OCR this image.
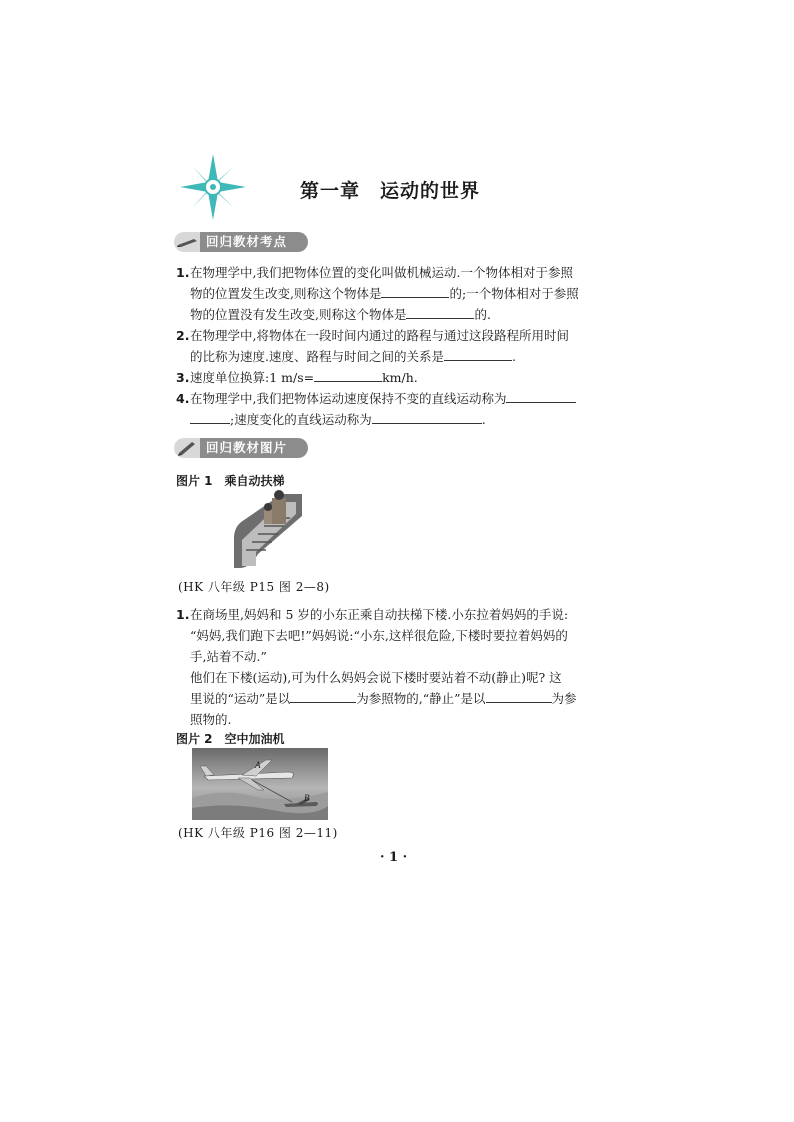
第一章　运动的世界
回归教材考点
1. 在物理学中,我们把物体位置的变化叫做机械运动.一个物体相对于参照
物的位置发生改变,则称这个物体是	的;一个物体相对于参照
物的位置没有发生改变,则称这个物体是	的.
2. 在物理学中,将物体在一段时间内通过的路程与通过这段路程所用时间
的比称为速度.速度、路程与时间之间的关系是	.
3. 速度单位换算:1 m/s=	km/h.
4. 在物理学中,我们把物体运动速度保持不变的直线运动称为
;速度变化的直线运动称为	.
回归教材图片
图片 1 乘自动扶梯
(HK 八年级 P15 图 2—8)
1. 在商场里,妈妈和 5 岁的小东正乘自动扶梯下楼.小东拉着妈妈的手说:
“妈妈,我们跑下去吧!”妈妈说:“小东,这样很危险,下楼时要拉着妈妈的
手,站着不动.”
他们在下楼(运动),可为什么妈妈会说下楼时要站着不动(静止)呢? 这
里说的“运动”是以	为参照物的,“静止”是以	为参
照物的.
图片 2 空中加油机
A
B
(HK 八年级 P16 图 2—11)
· 1 ·
